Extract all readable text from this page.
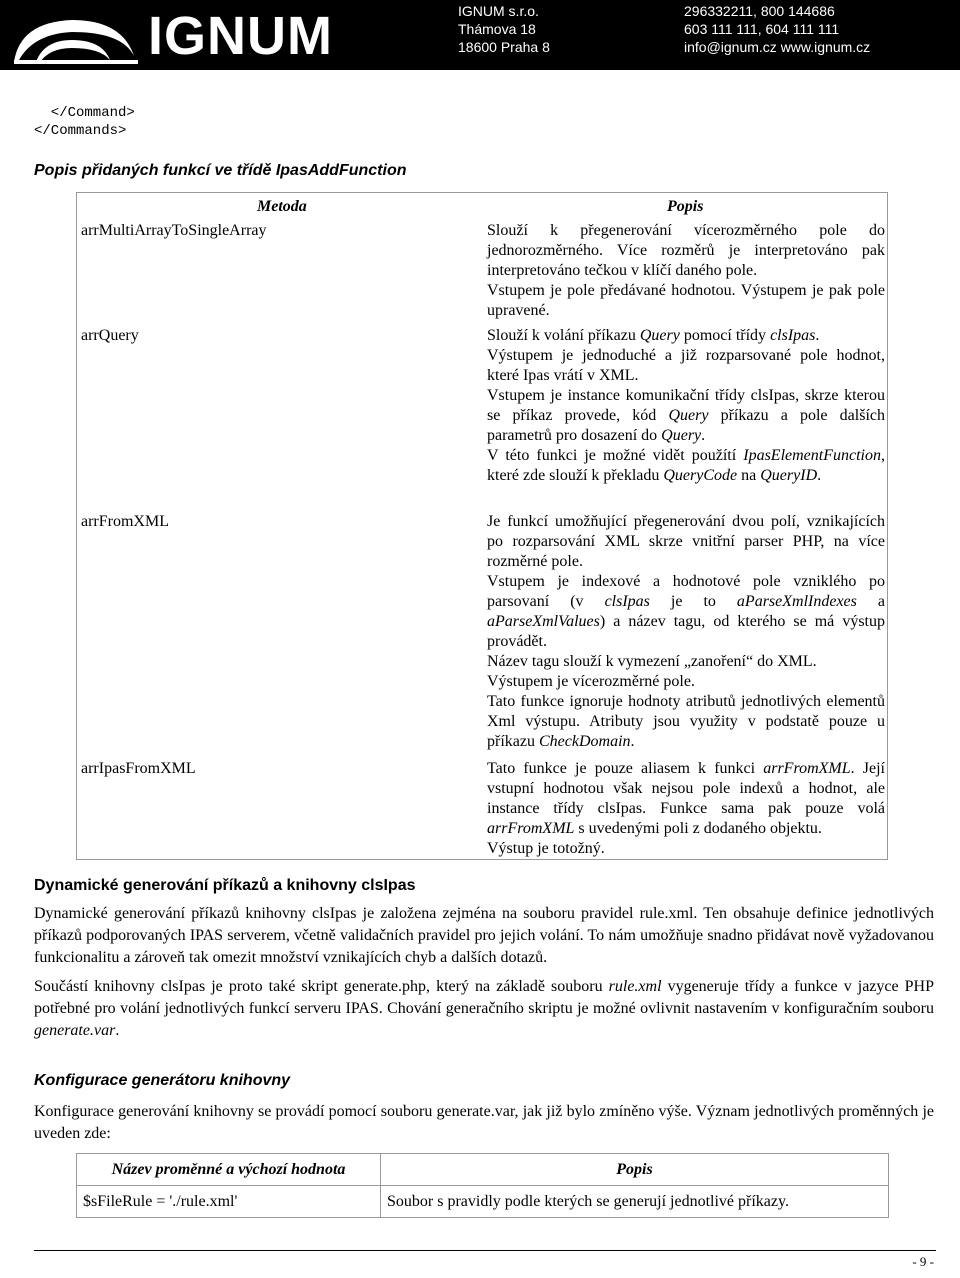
IGNUM	IGNUM s.r.o.
Thámova 18
18600 Praha 8
296332211, 800 144686
603 111 111, 604 111 111
info@ignum.cz www.ignum.cz
</Command>
</Commands>
Popis přidaných funkcí ve třídě IpasAddFunction
Metoda	Popis
arrMultiArrayToSingleArray	Slouží k přegenerování vícerozměrného pole do jednorozměrného. Více rozměrů je interpretováno pak interpretováno tečkou v klíčí daného pole.

Vstupem je pole předávané hodnotou. Výstupem je pak pole upravené.

arrQuery	Slouží k volání příkazu Query pomocí třídy clsIpas.

Výstupem je jednoduché a již rozparsované pole hodnot, které Ipas vrátí v XML.

Vstupem je instance komunikační třídy clsIpas, skrze kterou se příkaz provede, kód Query příkazu a pole dalších parametrů pro dosazení do Query.

V této funkci je možné vidět použítí IpasElementFunction, které zde slouží k překladu QueryCode na QueryID.

arrFromXML	Je funkcí umožňující přegenerování dvou polí, vznikajících po rozparsování XML skrze vnitřní parser PHP, na více rozměrné pole.

Vstupem je indexové a hodnotové pole vzniklého po parsovaní (v clsIpas je to aParseXmlIndexes a aParseXmlValues) a název tagu, od kterého se má výstup provádět.

Název tagu slouží k vymezení „zanoření“ do XML.

Výstupem je vícerozměrné pole.

Tato funkce ignoruje hodnoty atributů jednotlivých elementů Xml výstupu. Atributy jsou využity v podstatě pouze u příkazu CheckDomain.

arrIpasFromXML	Tato funkce je pouze aliasem k funkci arrFromXML. Její vstupní hodnotou však nejsou pole indexů a hodnot, ale instance třídy clsIpas. Funkce sama pak pouze volá arrFromXML s uvedenými poli z dodaného objektu.

Výstup je totožný.

Dynamické generování příkazů a knihovny clsIpas

Dynamické generování příkazů knihovny clsIpas je založena zejména na souboru pravidel rule.xml. Ten obsahuje definice jednotlivých příkazů podporovaných IPAS serverem, včetně validačních pravidel pro jejich volání. To nám umožňuje snadno přidávat nově vyžadovanou funkcionalitu a zároveň tak omezit množství vznikajících chyb a dalších dotazů.

Součástí knihovny clsIpas je proto také skript generate.php, který na základě souboru rule.xml vygeneruje třídy a funkce v jazyce PHP potřebné pro volání jednotlivých funkcí serveru IPAS. Chování generačního skriptu je možné ovlivnit nastavením v konfiguračním souboru generate.var.

Konfigurace generátoru knihovny

Konfigurace generování knihovny se provádí pomocí souboru generate.var, jak již bylo zmíněno výše. Význam jednotlivých proměnných je uveden zde:

Název proměnné a výchozí hodnota	Popis
$sFileRule = './rule.xml'	Soubor s pravidly podle kterých se generují jednotlivé příkazy.
- 9 -
